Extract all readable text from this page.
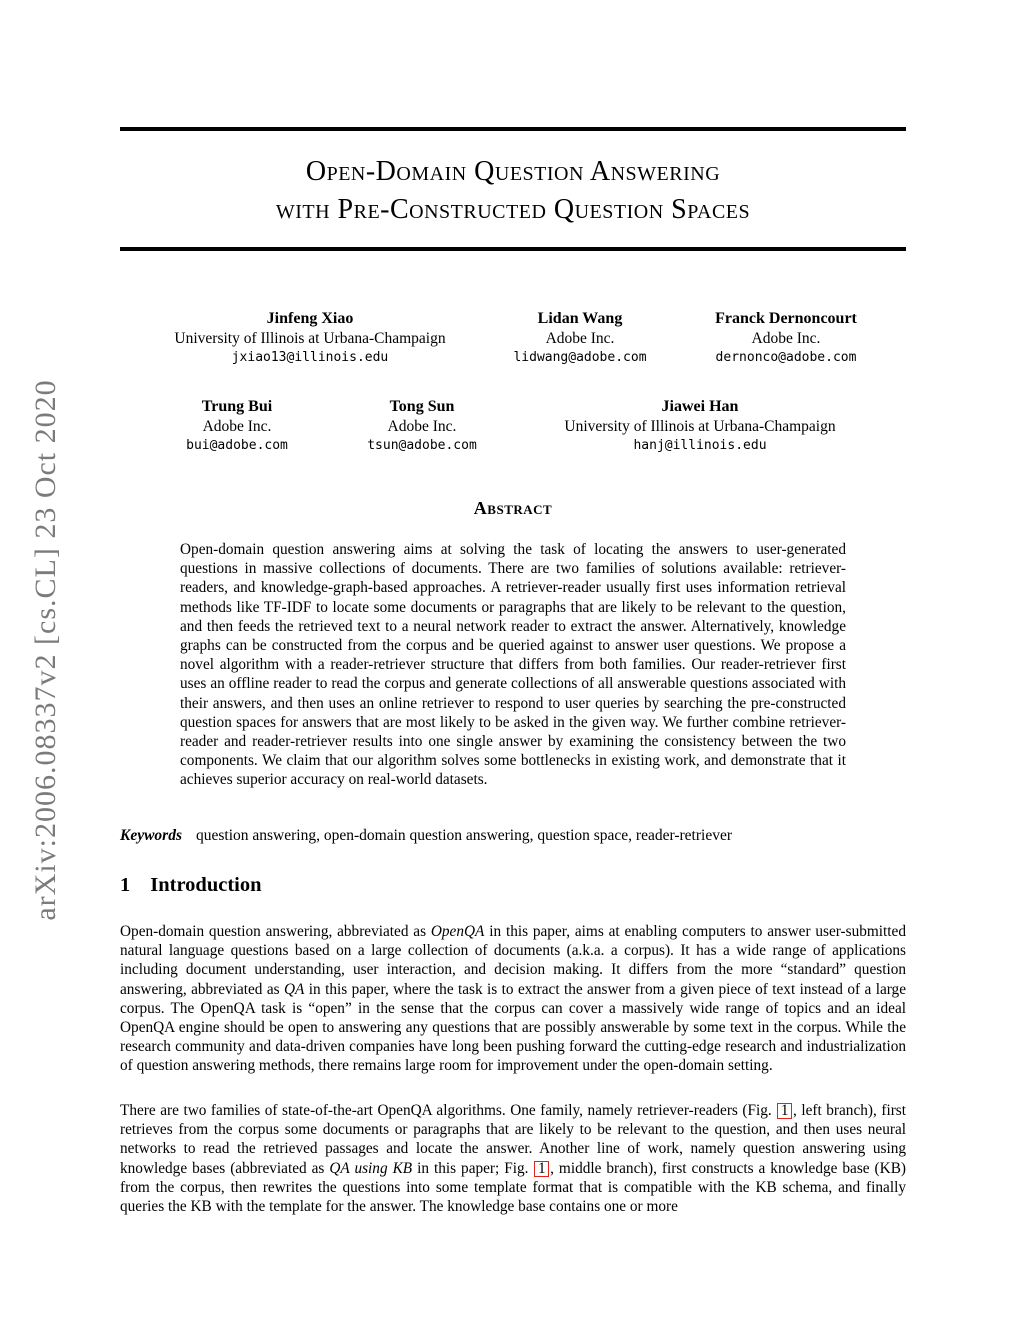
arXiv:2006.08337v2 [cs.CL] 23 Oct 2020
Open-Domain Question Answering
with Pre-Constructed Question Spaces
Jinfeng Xiao
University of Illinois at Urbana-Champaign
jxiao13@illinois.edu
Lidan Wang
Adobe Inc.
lidwang@adobe.com
Franck Dernoncourt
Adobe Inc.
dernonco@adobe.com
Trung Bui
Adobe Inc.
bui@adobe.com
Tong Sun
Adobe Inc.
tsun@adobe.com
Jiawei Han
University of Illinois at Urbana-Champaign
hanj@illinois.edu
Abstract
Open-domain question answering aims at solving the task of locating the answers to user-generated questions in massive collections of documents. There are two families of solutions available: retriever-readers, and knowledge-graph-based approaches. A retriever-reader usually first uses information retrieval methods like TF-IDF to locate some documents or paragraphs that are likely to be relevant to the question, and then feeds the retrieved text to a neural network reader to extract the answer. Alternatively, knowledge graphs can be constructed from the corpus and be queried against to answer user questions. We propose a novel algorithm with a reader-retriever structure that differs from both families. Our reader-retriever first uses an offline reader to read the corpus and generate collections of all answerable questions associated with their answers, and then uses an online retriever to respond to user queries by searching the pre-constructed question spaces for answers that are most likely to be asked in the given way. We further combine retriever-reader and reader-retriever results into one single answer by examining the consistency between the two components. We claim that our algorithm solves some bottlenecks in existing work, and demonstrate that it achieves superior accuracy on real-world datasets.
Keywords question answering, open-domain question answering, question space, reader-retriever
1 Introduction
Open-domain question answering, abbreviated as OpenQA in this paper, aims at enabling computers to answer user-submitted natural language questions based on a large collection of documents (a.k.a. a corpus). It has a wide range of applications including document understanding, user interaction, and decision making. It differs from the more “standard” question answering, abbreviated as QA in this paper, where the task is to extract the answer from a given piece of text instead of a large corpus. The OpenQA task is “open” in the sense that the corpus can cover a massively wide range of topics and an ideal OpenQA engine should be open to answering any questions that are possibly answerable by some text in the corpus. While the research community and data-driven companies have long been pushing forward the cutting-edge research and industrialization of question answering methods, there remains large room for improvement under the open-domain setting.
There are two families of state-of-the-art OpenQA algorithms. One family, namely retriever-readers (Fig. 1 , left branch), first retrieves from the corpus some documents or paragraphs that are likely to be relevant to the question, and then uses neural networks to read the retrieved passages and locate the answer. Another line of work, namely question answering using knowledge bases (abbreviated as QA using KB in this paper; Fig. 1 , middle branch), first constructs a knowledge base (KB) from the corpus, then rewrites the questions into some template format that is compatible with the KB schema, and finally queries the KB with the template for the answer. The knowledge base contains one or more
